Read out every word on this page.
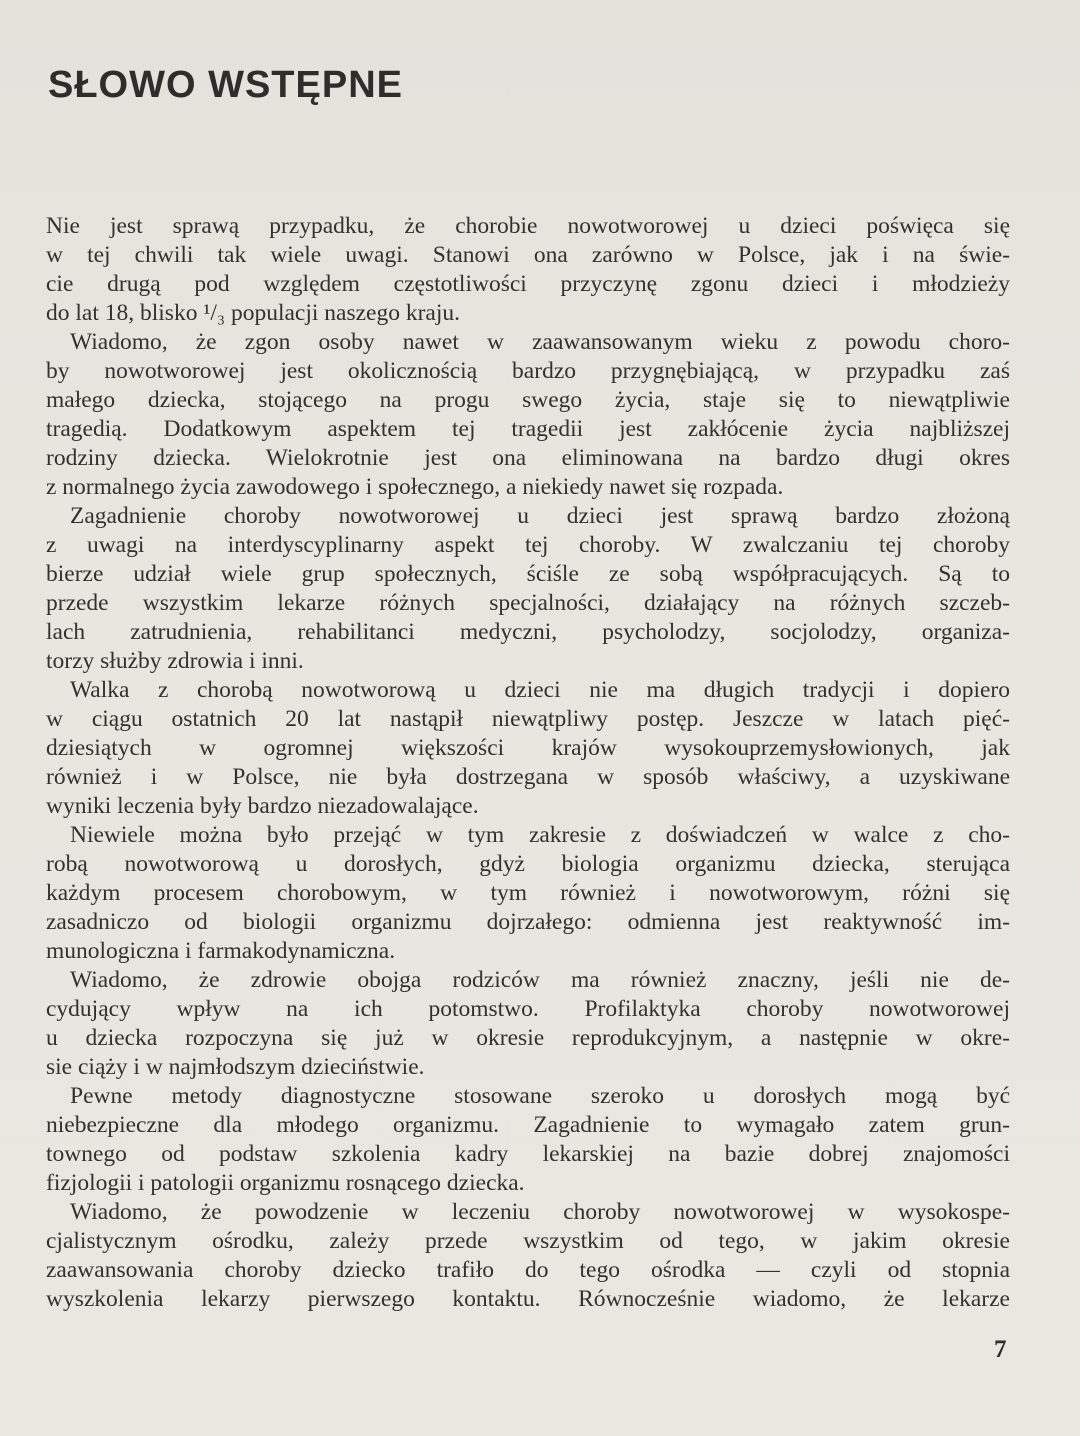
SŁOWO WSTĘPNE
Nie jest sprawą przypadku, że chorobie nowotworowej u dzieci poświęca się
w tej chwili tak wiele uwagi. Stanowi ona zarówno w Polsce, jak i na świe-
cie drugą pod względem częstotliwości przyczynę zgonu dzieci i młodzieży
do lat 18, blisko ¹/₃ populacji naszego kraju.
Wiadomo, że zgon osoby nawet w zaawansowanym wieku z powodu choro-
by nowotworowej jest okolicznością bardzo przygnębiającą, w przypadku zaś
małego dziecka, stojącego na progu swego życia, staje się to niewątpliwie
tragedią. Dodatkowym aspektem tej tragedii jest zakłócenie życia najbliższej
rodziny dziecka. Wielokrotnie jest ona eliminowana na bardzo długi okres
z normalnego życia zawodowego i społecznego, a niekiedy nawet się rozpada.
Zagadnienie choroby nowotworowej u dzieci jest sprawą bardzo złożoną
z uwagi na interdyscyplinarny aspekt tej choroby. W zwalczaniu tej choroby
bierze udział wiele grup społecznych, ściśle ze sobą współpracujących. Są to
przede wszystkim lekarze różnych specjalności, działający na różnych szczeb-
lach zatrudnienia, rehabilitanci medyczni, psycholodzy, socjolodzy, organiza-
torzy służby zdrowia i inni.
Walka z chorobą nowotworową u dzieci nie ma długich tradycji i dopiero
w ciągu ostatnich 20 lat nastąpił niewątpliwy postęp. Jeszcze w latach pięć-
dziesiątych w ogromnej większości krajów wysokouprzemysłowionych, jak
również i w Polsce, nie była dostrzegana w sposób właściwy, a uzyskiwane
wyniki leczenia były bardzo niezadowalające.
Niewiele można było przejąć w tym zakresie z doświadczeń w walce z cho-
robą nowotworową u dorosłych, gdyż biologia organizmu dziecka, sterująca
każdym procesem chorobowym, w tym również i nowotworowym, różni się
zasadniczo od biologii organizmu dojrzałego: odmienna jest reaktywność im-
munologiczna i farmakodynamiczna.
Wiadomo, że zdrowie obojga rodziców ma również znaczny, jeśli nie de-
cydujący wpływ na ich potomstwo. Profilaktyka choroby nowotworowej
u dziecka rozpoczyna się już w okresie reprodukcyjnym, a następnie w okre-
sie ciąży i w najmłodszym dzieciństwie.
Pewne metody diagnostyczne stosowane szeroko u dorosłych mogą być
niebezpieczne dla młodego organizmu. Zagadnienie to wymagało zatem grun-
townego od podstaw szkolenia kadry lekarskiej na bazie dobrej znajomości
fizjologii i patologii organizmu rosnącego dziecka.
Wiadomo, że powodzenie w leczeniu choroby nowotworowej w wysokospe-
cjalistycznym ośrodku, zależy przede wszystkim od tego, w jakim okresie
zaawansowania choroby dziecko trafiło do tego ośrodka — czyli od stopnia
wyszkolenia lekarzy pierwszego kontaktu. Równocześnie wiadomo, że lekarze
7
